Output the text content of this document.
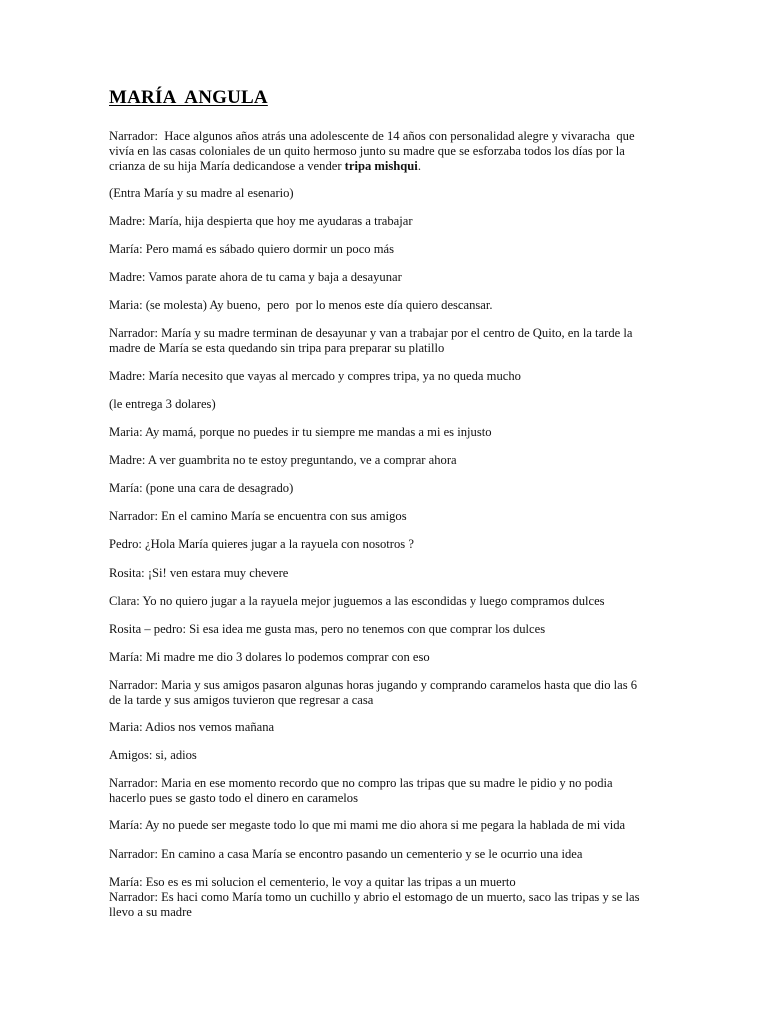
MARÍA  ANGULA

Narrador:  Hace algunos años atrás una adolescente de 14 años con personalidad alegre y vivaracha  que
vivía en las casas coloniales de un quito hermoso junto su madre que se esforzaba todos los días por la
crianza de su hija María dedicandose a vender tripa mishqui.

(Entra María y su madre al esenario)

Madre: María, hija despierta que hoy me ayudaras a trabajar

María: Pero mamá es sábado quiero dormir un poco más

Madre: Vamos parate ahora de tu cama y baja a desayunar

Maria: (se molesta) Ay bueno,  pero  por lo menos este día quiero descansar.

Narrador: María y su madre terminan de desayunar y van a trabajar por el centro de Quito, en la tarde la
madre de María se esta quedando sin tripa para preparar su platillo

Madre: María necesito que vayas al mercado y compres tripa, ya no queda mucho

(le entrega 3 dolares)

Maria: Ay mamá, porque no puedes ir tu siempre me mandas a mi es injusto

Madre: A ver guambrita no te estoy preguntando, ve a comprar ahora

María: (pone una cara de desagrado)

Narrador: En el camino María se encuentra con sus amigos

Pedro: ¿Hola María quieres jugar a la rayuela con nosotros ?

Rosita: ¡Si! ven estara muy chevere

Clara: Yo no quiero jugar a la rayuela mejor juguemos a las escondidas y luego compramos dulces

Rosita – pedro: Si esa idea me gusta mas, pero no tenemos con que comprar los dulces

María: Mi madre me dio 3 dolares lo podemos comprar con eso

Narrador: Maria y sus amigos pasaron algunas horas jugando y comprando caramelos hasta que dio las 6
de la tarde y sus amigos tuvieron que regresar a casa

Maria: Adios nos vemos mañana

Amigos: si, adios

Narrador: Maria en ese momento recordo que no compro las tripas que su madre le pidio y no podia
hacerlo pues se gasto todo el dinero en caramelos

María: Ay no puede ser megaste todo lo que mi mami me dio ahora si me pegara la hablada de mi vida

Narrador: En camino a casa María se encontro pasando un cementerio y se le ocurrio una idea

María: Eso es es mi solucion el cementerio, le voy a quitar las tripas a un muerto
Narrador: Es haci como María tomo un cuchillo y abrio el estomago de un muerto, saco las tripas y se las
llevo a su madre
